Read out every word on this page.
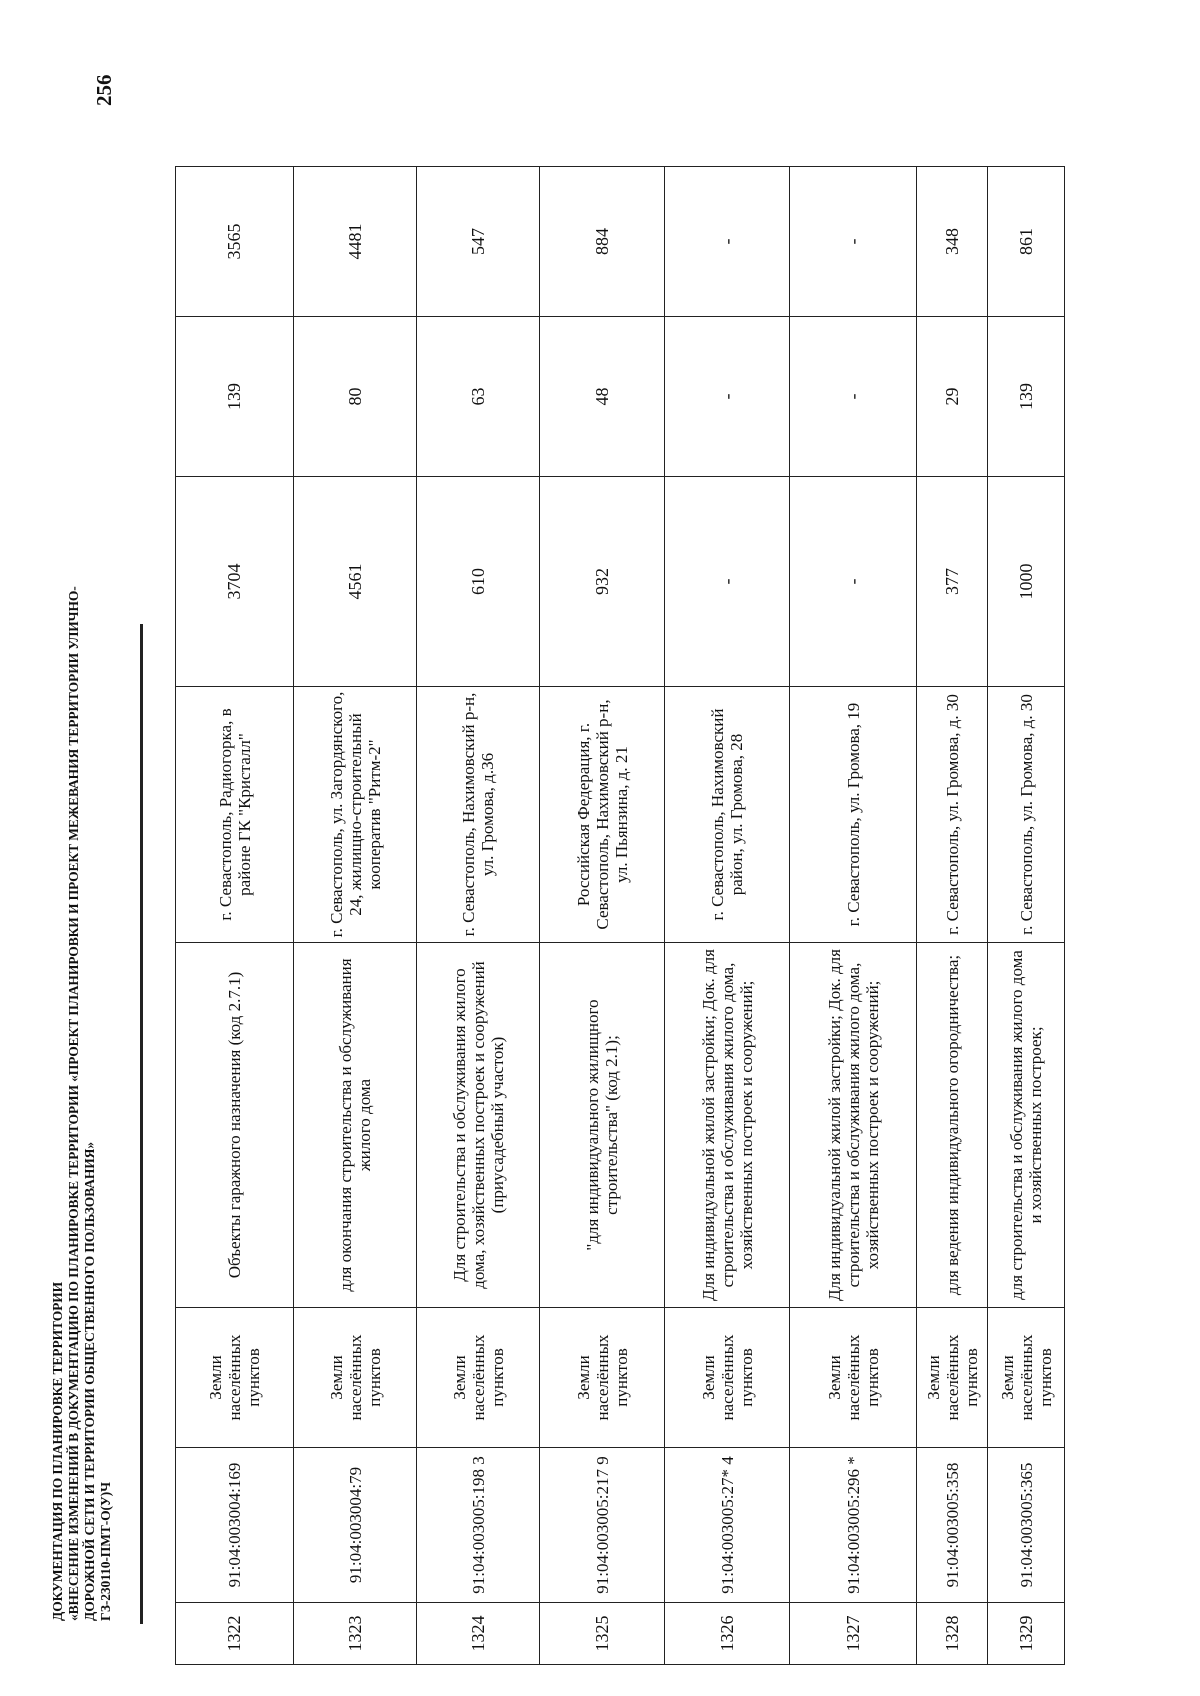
256
ДОКУМЕНТАЦИЯ ПО ПЛАНИРОВКЕ ТЕРРИТОРИИ «ВНЕСЕНИЕ ИЗМЕНЕНИЙ В ДОКУМЕНТАЦИЮ ПО ПЛАНИРОВКЕ ТЕРРИТОРИИ «ПРОЕКТ ПЛАНИРОВКИ И ПРОЕКТ МЕЖЕВАНИЯ ТЕРРИТОРИИ УЛИЧНО- ДОРОЖНОЙ СЕТИ И ТЕРРИТОРИИ ОБЩЕСТВЕННОГО ПОЛЬЗОВАНИЯ» ГЗ-230110-ПМТ-О(У)Ч
1322	91:04:003004:169	Земли населённых пунктов	Объекты гаражного назначения (код 2.7.1)	г. Севастополь, Радиогорка, в районе ГК "Кристалл"	3704	139	3565
1323	91:04:003004:79	Земли населённых пунктов	для окончания строительства и обслуживания жилого дома	г. Севастополь, ул. Загордянского, 24, жилищно-строительный кооператив "Ритм-2"	4561	80	4481
1324	91:04:003005:198 3	Земли населённых пунктов	Для строительства и обслуживания жилого дома, хозяйственных построек и сооружений (приусадебный участок)	г. Севастополь, Нахимовский р-н, ул. Громова, д.36	610	63	547
1325	91:04:003005:217 9	Земли населённых пунктов	"для индивидуального жилищного строительства" (код 2.1);	Российская Федерация, г. Севастополь, Нахимовский р-н, ул. Пьянзина, д. 21	932	48	884
1326	91:04:003005:27* 4	Земли населённых пунктов	Для индивидуальной жилой застройки; Док. для строительства и обслуживания жилого дома, хозяйственных построек и сооружений;	г. Севастополь, Нахимовский район, ул. Громова, 28	-	-	-
1327	91:04:003005:296 *	Земли населённых пунктов	Для индивидуальной жилой застройки; Док. для строительства и обслуживания жилого дома, хозяйственных построек и сооружений;	г. Севастополь, ул. Громова, 19	-	-	-
1328	91:04:003005:358	Земли населённых пунктов	для ведения индивидуального огородничества;	г. Севастополь, ул. Громова, д. 30	377	29	348
1329	91:04:003005:365	Земли населённых пунктов	для строительства и обслуживания жилого дома и хозяйственных построек;	г. Севастополь, ул. Громова, д. 30	1000	139	861
